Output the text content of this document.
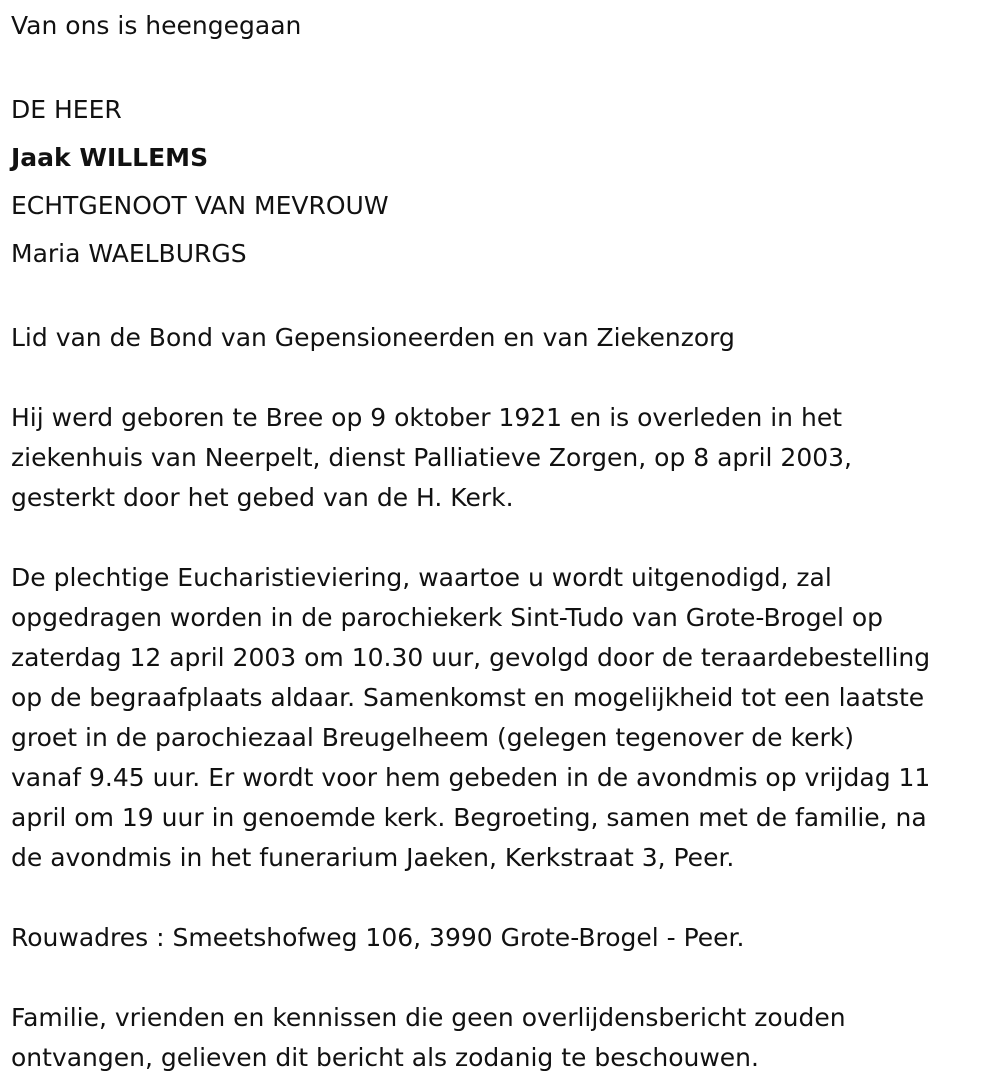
Van ons is heengegaan

DE HEER

Jaak WILLEMS

ECHTGENOOT VAN MEVROUW

Maria WAELBURGS

Lid van de Bond van Gepensioneerden en van Ziekenzorg

Hij werd geboren te Bree op 9 oktober 1921 en is overleden in het

ziekenhuis van Neerpelt, dienst Palliatieve Zorgen, op 8 april 2003,

gesterkt door het gebed van de H. Kerk.

De plechtige Eucharistieviering, waartoe u wordt uitgenodigd, zal

opgedragen worden in de parochiekerk Sint-Tudo van Grote-Brogel op

zaterdag 12 april 2003 om 10.30 uur, gevolgd door de teraardebestelling

op de begraafplaats aldaar. Samenkomst en mogelijkheid tot een laatste

groet in de parochiezaal Breugelheem (gelegen tegenover de kerk)

vanaf 9.45 uur. Er wordt voor hem gebeden in de avondmis op vrijdag 11

april om 19 uur in genoemde kerk. Begroeting, samen met de familie, na

de avondmis in het funerarium Jaeken, Kerkstraat 3, Peer.

Rouwadres : Smeetshofweg 106, 3990 Grote-Brogel - Peer.

Familie, vrienden en kennissen die geen overlijdensbericht zouden

ontvangen, gelieven dit bericht als zodanig te beschouwen.
